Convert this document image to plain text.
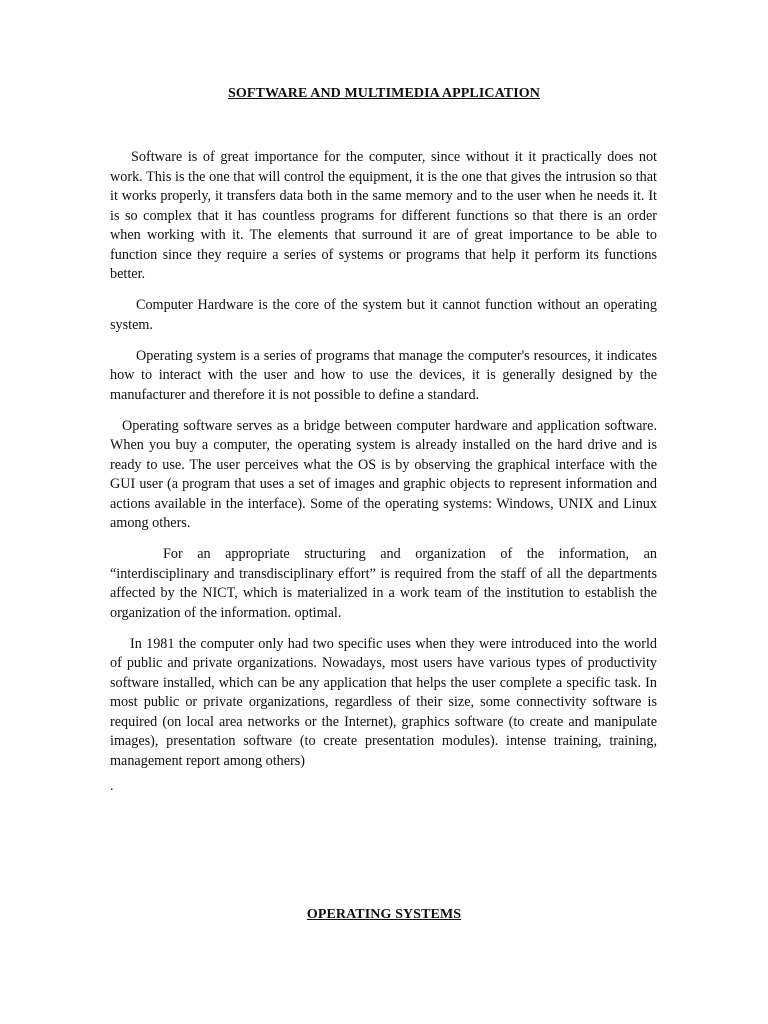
SOFTWARE AND MULTIMEDIA APPLICATION

Software is of great importance for the computer, since without it it practically does not work. This is the one that will control the equipment, it is the one that gives the intrusion so that it works properly, it transfers data both in the same memory and to the user when he needs it. It is so complex that it has countless programs for different functions so that there is an order when working with it. The elements that surround it are of great importance to be able to function since they require a series of systems or programs that help it perform its functions better.

Computer Hardware is the core of the system but it cannot function without an operating system.

Operating system is a series of programs that manage the computer's resources, it indicates how to interact with the user and how to use the devices, it is generally designed by the manufacturer and therefore it is not possible to define a standard.

Operating software serves as a bridge between computer hardware and application software. When you buy a computer, the operating system is already installed on the hard drive and is ready to use. The user perceives what the OS is by observing the graphical interface with the GUI user (a program that uses a set of images and graphic objects to represent information and actions available in the interface). Some of the operating systems: Windows, UNIX and Linux among others.

For an appropriate structuring and organization of the information, an “interdisciplinary and transdisciplinary effort” is required from the staff of all the departments affected by the NICT, which is materialized in a work team of the institution to establish the organization of the information. optimal.

In 1981 the computer only had two specific uses when they were introduced into the world of public and private organizations. Nowadays, most users have various types of productivity software installed, which can be any application that helps the user complete a specific task. In most public or private organizations, regardless of their size, some connectivity software is required (on local area networks or the Internet), graphics software (to create and manipulate images), presentation software (to create presentation modules). intense training, training, management report among others)

.
OPERATING SYSTEMS
